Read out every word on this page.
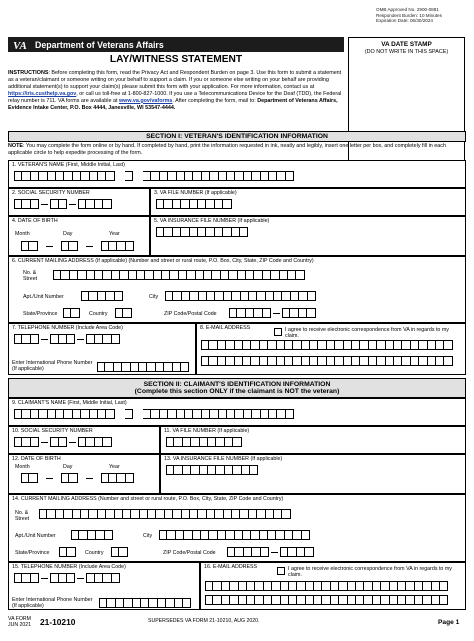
OMB Approved No. 2900-0881
Respondent Burden: 10 Minutes
Expiration Date: 06/30/2024
VA Department of Veterans Affairs
LAY/WITNESS STATEMENT
VA DATE STAMP
(DO NOT WRITE IN THIS SPACE)
INSTRUCTIONS: Before completing this form, read the Privacy Act and Respondent Burden on page 3. Use this form to submit a statement as a veteran/claimant or someone writing on your behalf to support a claim. If you or someone else writing on your behalf are providing additional statement(s) to support your claim(s) please submit this form with your application. For more information, contact us at https://iris.custhelp.va.gov, or call us toll-free at 1-800-827-1000. If you use a Telecommunications Device for the Deaf (TDD), the Federal relay number is 711. VA forms are available at www.va.gov/vaforms. After completing the form, mail to: Department of Veterans Affairs, Evidence Intake Center, P.O. Box 4444, Janesville, WI 53547-4444.
SECTION I: VETERAN'S IDENTIFICATION INFORMATION
NOTE: You may complete the form online or by hand. If completed by hand, print the information requested in ink, neatly and legibly, insert one letter per box, and completely fill in each applicable circle to help expedite processing of the form.
1. VETERAN'S NAME (First, Middle Initial, Last)
2. SOCIAL SECURITY NUMBER	3. VA FILE NUMBER (If applicable)
4. DATE OF BIRTH
Month	Day	Year
5. VA INSURANCE FILE NUMBER (If applicable)
6. CURRENT MAILING ADDRESS (If applicable) (Number and street or rural route, P.O. Box, City, State, ZIP Code and Country)
No. &
Street
Apt./Unit Number	City
State/Province	Country	ZIP Code/Postal Code
7. TELEPHONE NUMBER (Include Area Code)
Enter International Phone Number
(If applicable)
8. E-MAIL ADDRESS	I agree to receive electronic correspondence from VA in regards to my claim.
SECTION II: CLAIMANT'S IDENTIFICATION INFORMATION
(Complete this section ONLY if the claimant is NOT the veteran)
9. CLAIMANT'S NAME (First, Middle Initial, Last)
10. SOCIAL SECURITY NUMBER	11. VA FILE NUMBER (If applicable)
12. DATE OF BIRTH
Month	Day	Year
13. VA INSURANCE FILE NUMBER (If applicable)
14. CURRENT MAILING ADDRESS (Number and street or rural route, P.O. Box, City, State, ZIP Code and Country)
No. &
Street
Apt./Unit Number	City
State/Province	Country	ZIP Code/Postal Code
15. TELEPHONE NUMBER (Include Area Code)
Enter International Phone Number
(If applicable)
16. E-MAIL ADDRESS	I agree to receive electronic correspondence from VA in regards to my claim.
VA FORM
JUN 2021 21-10210	SUPERSEDES VA FORM 21-10210, AUG 2020.	Page 1
